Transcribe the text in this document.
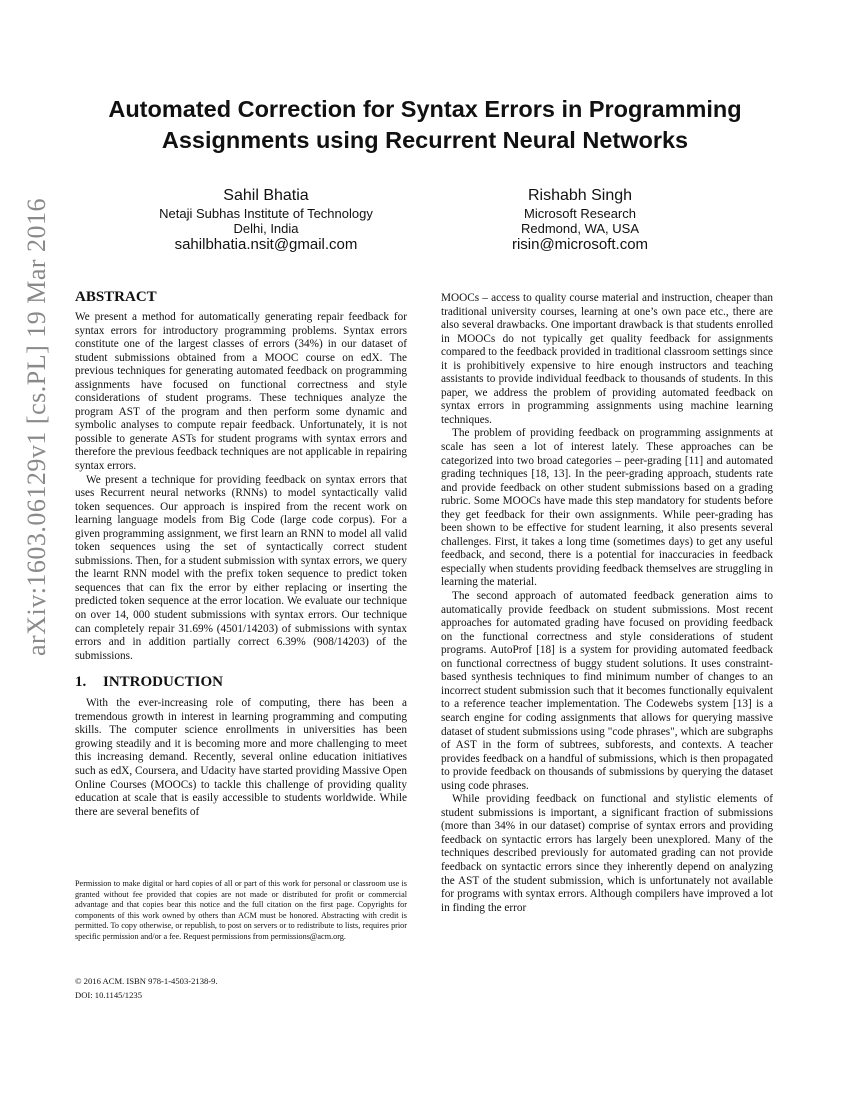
arXiv:1603.06129v1 [cs.PL] 19 Mar 2016
Automated Correction for Syntax Errors in Programming
Assignments using Recurrent Neural Networks
Sahil Bhatia
Netaji Subhas Institute of Technology
Delhi, India
sahilbhatia.nsit@gmail.com
Rishabh Singh
Microsoft Research
Redmond, WA, USA
risin@microsoft.com
ABSTRACT

We present a method for automatically generating repair feedback for syntax errors for introductory programming problems. Syntax errors constitute one of the largest classes of errors (34%) in our dataset of student submissions obtained from a MOOC course on edX. The previous techniques for generating automated feedback on programming assignments have focused on functional correctness and style considerations of student programs. These techniques analyze the program AST of the program and then perform some dynamic and symbolic analyses to compute repair feedback. Unfortunately, it is not possible to generate ASTs for student programs with syntax errors and therefore the previous feedback techniques are not applicable in repairing syntax errors.

We present a technique for providing feedback on syntax errors that uses Recurrent neural networks (RNNs) to model syntactically valid token sequences. Our approach is inspired from the recent work on learning language models from Big Code (large code corpus). For a given programming assignment, we first learn an RNN to model all valid token sequences using the set of syntactically correct student submissions. Then, for a student submission with syntax errors, we query the learnt RNN model with the prefix token sequence to predict token sequences that can fix the error by either replacing or inserting the predicted token sequence at the error location. We evaluate our technique on over 14, 000 student submissions with syntax errors. Our technique can completely repair 31.69% (4501/14203) of submissions with syntax errors and in addition partially correct 6.39% (908/14203) of the submissions.

1. INTRODUCTION

With the ever-increasing role of computing, there has been a tremendous growth in interest in learning programming and computing skills. The computer science enrollments in universities has been growing steadily and it is becoming more and more challenging to meet this increasing demand. Recently, several online education initiatives such as edX, Coursera, and Udacity have started providing Massive Open Online Courses (MOOCs) to tackle this challenge of providing quality education at scale that is easily accessible to students worldwide. While there are several benefits of

MOOCs – access to quality course material and instruction, cheaper than traditional university courses, learning at one’s own pace etc., there are also several drawbacks. One important drawback is that students enrolled in MOOCs do not typically get quality feedback for assignments compared to the feedback provided in traditional classroom settings since it is prohibitively expensive to hire enough instructors and teaching assistants to provide individual feedback to thousands of students. In this paper, we address the problem of providing automated feedback on syntax errors in programming assignments using machine learning techniques.

The problem of providing feedback on programming assignments at scale has seen a lot of interest lately. These approaches can be categorized into two broad categories – peer-grading [11] and automated grading techniques [18, 13]. In the peer-grading approach, students rate and provide feedback on other student submissions based on a grading rubric. Some MOOCs have made this step mandatory for students before they get feedback for their own assignments. While peer-grading has been shown to be effective for student learning, it also presents several challenges. First, it takes a long time (sometimes days) to get any useful feedback, and second, there is a potential for inaccuracies in feedback especially when students providing feedback themselves are struggling in learning the material.

The second approach of automated feedback generation aims to automatically provide feedback on student submissions. Most recent approaches for automated grading have focused on providing feedback on the functional correctness and style considerations of student programs. AutoProf [18] is a system for providing automated feedback on functional correctness of buggy student solutions. It uses constraint-based synthesis techniques to find minimum number of changes to an incorrect student submission such that it becomes functionally equivalent to a reference teacher implementation. The Codewebs system [13] is a search engine for coding assignments that allows for querying massive dataset of student submissions using "code phrases", which are subgraphs of AST in the form of subtrees, subforests, and contexts. A teacher provides feedback on a handful of submissions, which is then propagated to provide feedback on thousands of submissions by querying the dataset using code phrases.

While providing feedback on functional and stylistic elements of student submissions is important, a significant fraction of submissions (more than 34% in our dataset) comprise of syntax errors and providing feedback on syntactic errors has largely been unexplored. Many of the techniques described previously for automated grading can not provide feedback on syntactic errors since they inherently depend on analyzing the AST of the student submission, which is unfortunately not available for programs with syntax errors. Although compilers have improved a lot in finding the error

Permission to make digital or hard copies of all or part of this work for personal or classroom use is granted without fee provided that copies are not made or distributed for profit or commercial advantage and that copies bear this notice and the full citation on the first page. Copyrights for components of this work owned by others than ACM must be honored. Abstracting with credit is permitted. To copy otherwise, or republish, to post on servers or to redistribute to lists, requires prior specific permission and/or a fee. Request permissions from permissions@acm.org.
© 2016 ACM. ISBN 978-1-4503-2138-9.
DOI: 10.1145/1235
